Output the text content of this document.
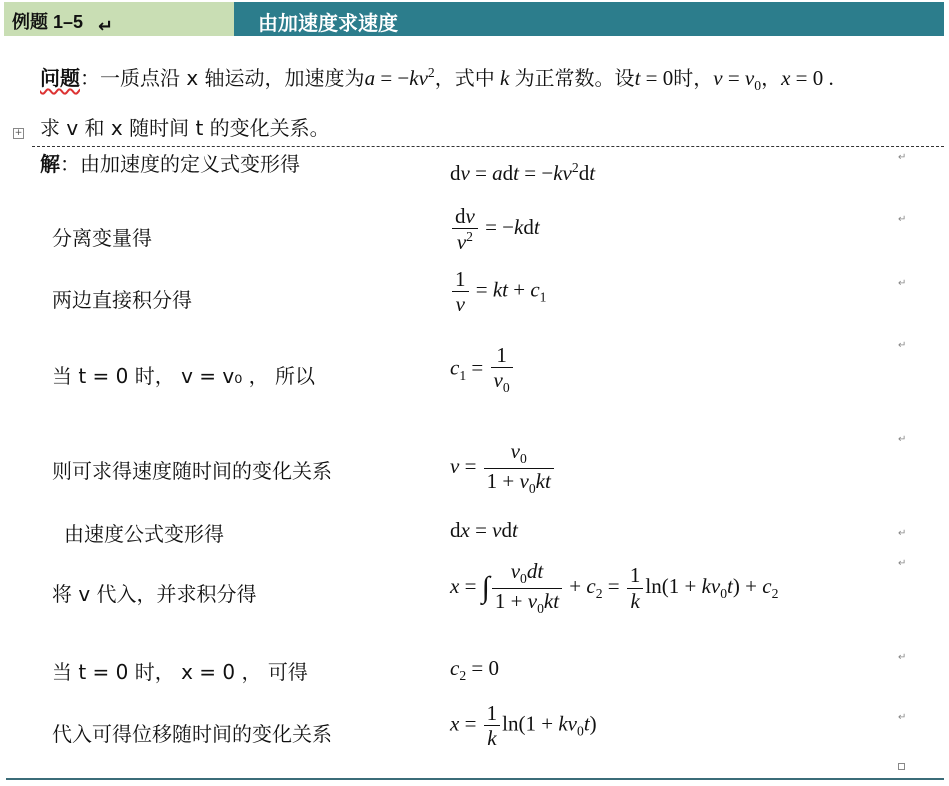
例题 1–5 ↵	由加速度求速度
问题：一质点沿 x 轴运动，加速度为$a = -kv^2$，式中 k 为正常数。设t = 0时，$v = v_0$，x = 0 .
求 v 和 x 随时间 t 的变化关系。
+
解：由加速度的定义式变形得
分离变量得
两边直接积分得
当 t = 0 时， v = v₀ ， 所以
则可求得速度随时间的变化关系
由速度公式变形得
将 v 代入，并求积分得
当 t = 0 时， x = 0 ， 可得
代入可得位移随时间的变化关系
dv = adt = $-kv^2dt$
$\frac{dv}{v^2} = -kdt$
$\frac{1}{v}$ = kt + $c_1$
$c_1 = \frac{1}{v_0}$
$v = \frac{v_0}{1 + v_0kt}$
dx = vdt
x = ∫ $\frac{v_0dt}{1 + v_0kt} + c_2 = \frac{1}{k} \ln(1 + kv_0t) + c_2$
$c_2 = 0$
$x = \frac{1}{k} \ln(1 + kv_0t)$
↵
↵
↵
↵
↵
↵
↵
↵
↵
